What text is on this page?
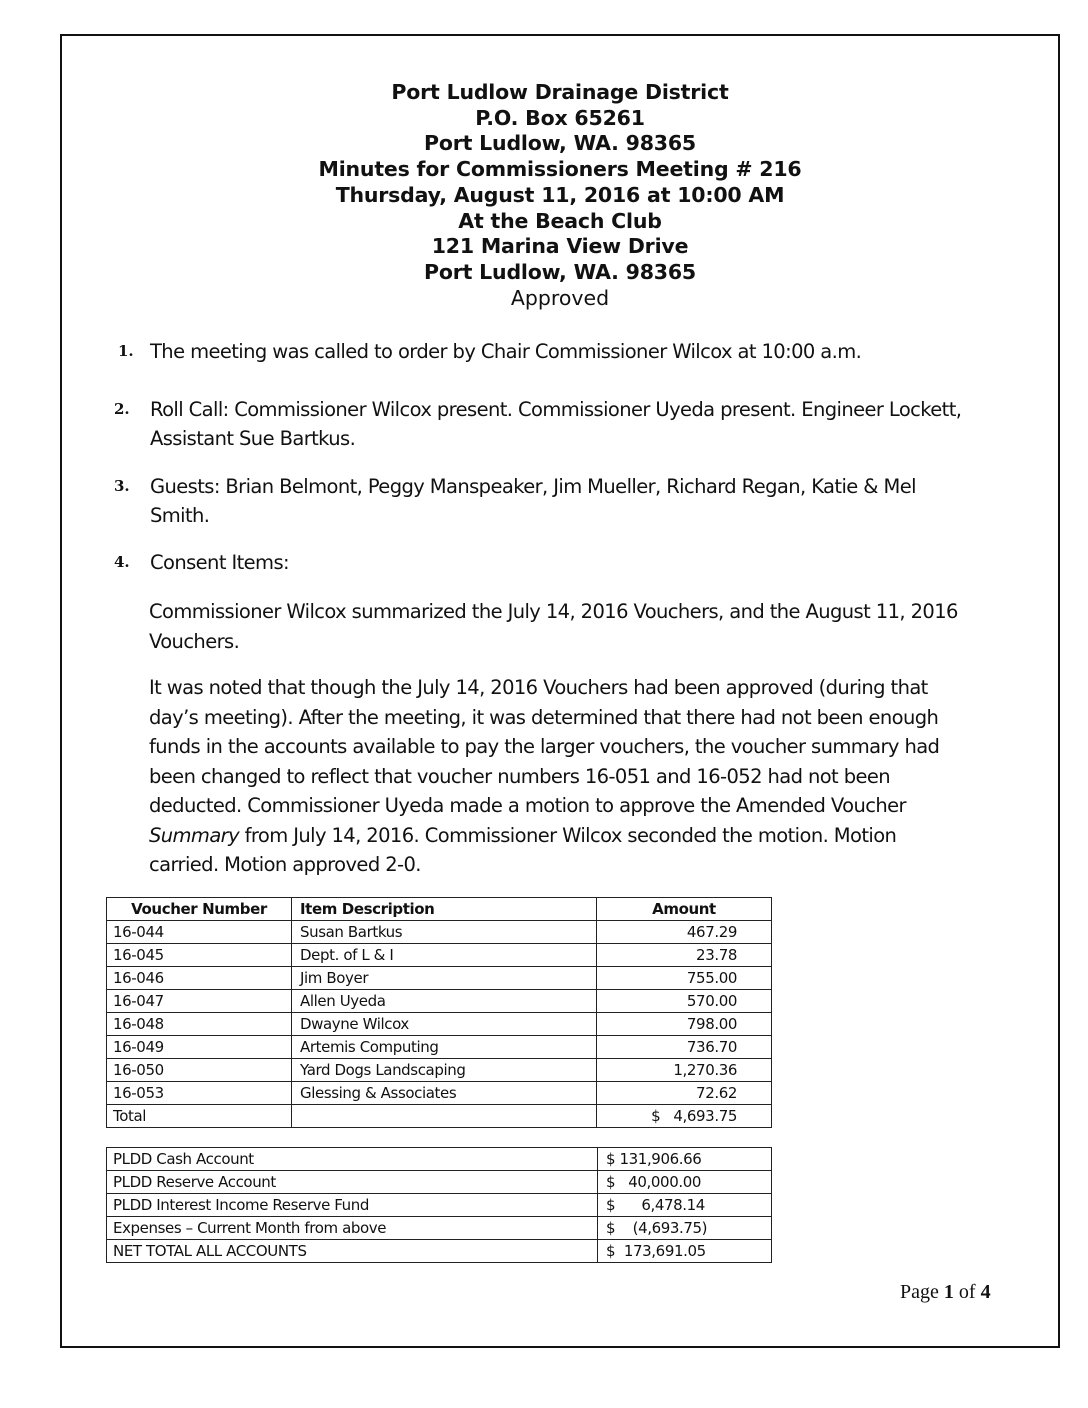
Port Ludlow Drainage District
P.O. Box 65261
Port Ludlow, WA. 98365
Minutes for Commissioners Meeting # 216
Thursday, August 11, 2016 at 10:00 AM
At the Beach Club
121 Marina View Drive
Port Ludlow, WA. 98365
Approved
1. The meeting was called to order by Chair Commissioner Wilcox at 10:00 a.m.

2. Roll Call: Commissioner Wilcox present. Commissioner Uyeda present. Engineer Lockett, Assistant Sue Bartkus.

3. Guests: Brian Belmont, Peggy Manspeaker, Jim Mueller, Richard Regan, Katie & Mel Smith.

4. Consent Items:

Commissioner Wilcox summarized the July 14, 2016 Vouchers, and the August 11, 2016 Vouchers.

It was noted that though the July 14, 2016 Vouchers had been approved (during that day’s meeting). After the meeting, it was determined that there had not been enough funds in the accounts available to pay the larger vouchers, the voucher summary had been changed to reflect that voucher numbers 16-051 and 16-052 had not been deducted. Commissioner Uyeda made a motion to approve the Amended Voucher Summary from July 14, 2016. Commissioner Wilcox seconded the motion. Motion carried. Motion approved 2-0.

Voucher Number	Item Description	Amount
16-044	Susan Bartkus	467.29
16-045	Dept. of L & I	23.78
16-046	Jim Boyer	755.00
16-047	Allen Uyeda	570.00
16-048	Dwayne Wilcox	798.00
16-049	Artemis Computing	736.70
16-050	Yard Dogs Landscaping	1,270.36
16-053	Glessing & Associates	72.62
Total		$   4,693.75
PLDD Cash Account	$ 131,906.66
PLDD Reserve Account	$   40,000.00
PLDD Interest Income Reserve Fund	$      6,478.14
Expenses – Current Month from above	$    (4,693.75)
NET TOTAL ALL ACCOUNTS	$  173,691.05
Page 1 of 4
